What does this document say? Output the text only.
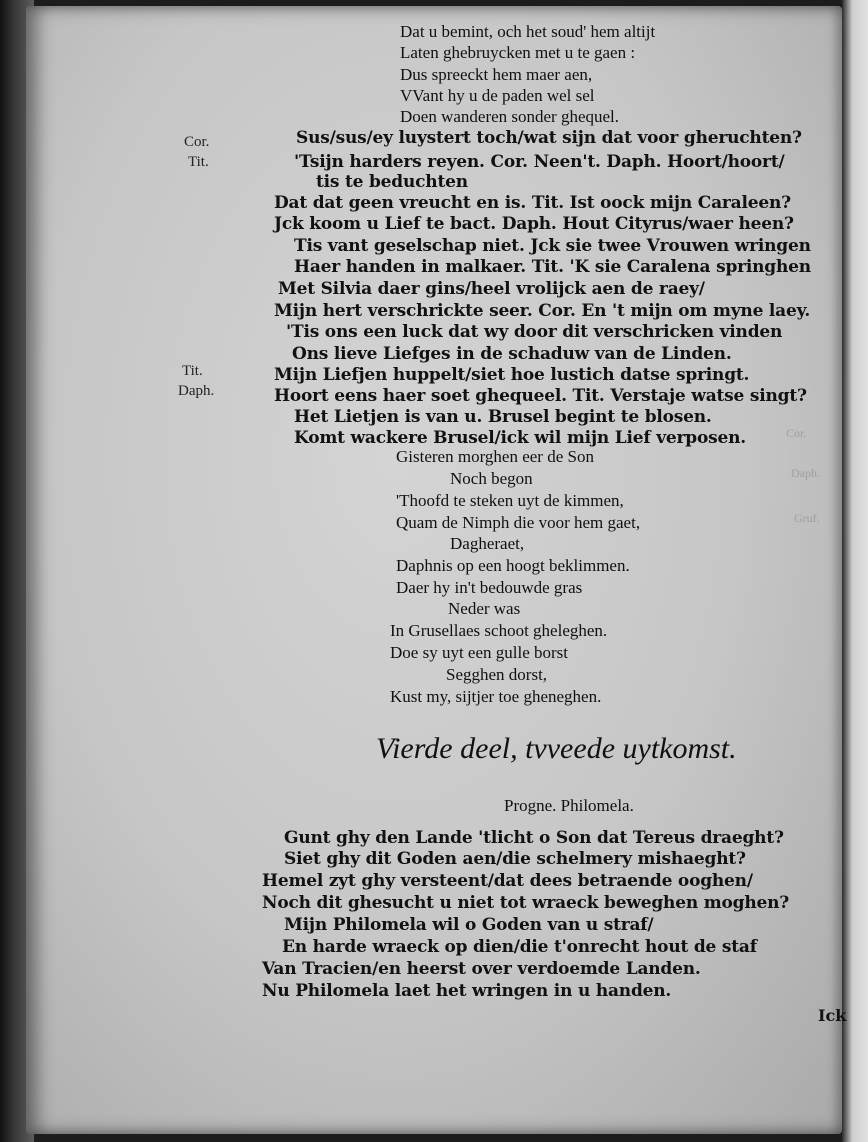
Cor.
Daph.
Gruf.
Cor.
Tit.
Tit.
Daph.
Dat u bemint, och het soud' hem altijt
Laten ghebruycken met u te gaen :
Dus spreeckt hem maer aen,
VVant hy u de paden wel sel
Doen wanderen sonder ghequel.
Sus/sus/ey luystert toch/wat sijn dat voor gheruchten?
'Tsijn harders reyen. Cor. Neen't. Daph. Hoort/hoort/
tis te beduchten
Dat dat geen vreucht en is. Tit. Ist oock mijn Caraleen?
Jck koom u Lief te bact. Daph. Hout Cityrus/waer heen?
Tis vant geselschap niet. Jck sie twee Vrouwen wringen
Haer handen in malkaer. Tit. 'K sie Caralena springhen
Met Silvia daer gins/heel vrolijck aen de raey/
Mijn hert verschrickte seer. Cor. En 't mijn om myne laey.
'Tis ons een luck dat wy door dit verschricken vinden
Ons lieve Liefges in de schaduw van de Linden.
Mijn Liefjen huppelt/siet hoe lustich datse springt.
Hoort eens haer soet ghequeel. Tit. Verstaje watse singt?
Het Lietjen is van u. Brusel begint te blosen.
Komt wackere Brusel/ick wil mijn Lief verposen.
Gisteren morghen eer de Son
Noch begon
'Thoofd te steken uyt de kimmen,
Quam de Nimph die voor hem gaet,
Dagheraet,
Daphnis op een hoogt beklimmen.
Daer hy in't bedouwde gras
Neder was
In Grusellaes schoot gheleghen.
Doe sy uyt een gulle borst
Segghen dorst,
Kust my, sijtjer toe gheneghen.
Vierde deel, tvveede uytkomst.
Progne. Philomela.
Gunt ghy den Lande 'tlicht o Son dat Tereus draeght?
Siet ghy dit Goden aen/die schelmery mishaeght?
Hemel zyt ghy versteent/dat dees betraende ooghen/
Noch dit ghesucht u niet tot wraeck beweghen moghen?
Mijn Philomela wil o Goden van u straf/
En harde wraeck op dien/die t'onrecht hout de staf
Van Tracien/en heerst over verdoemde Landen.
Nu Philomela laet het wringen in u handen.
Ick
